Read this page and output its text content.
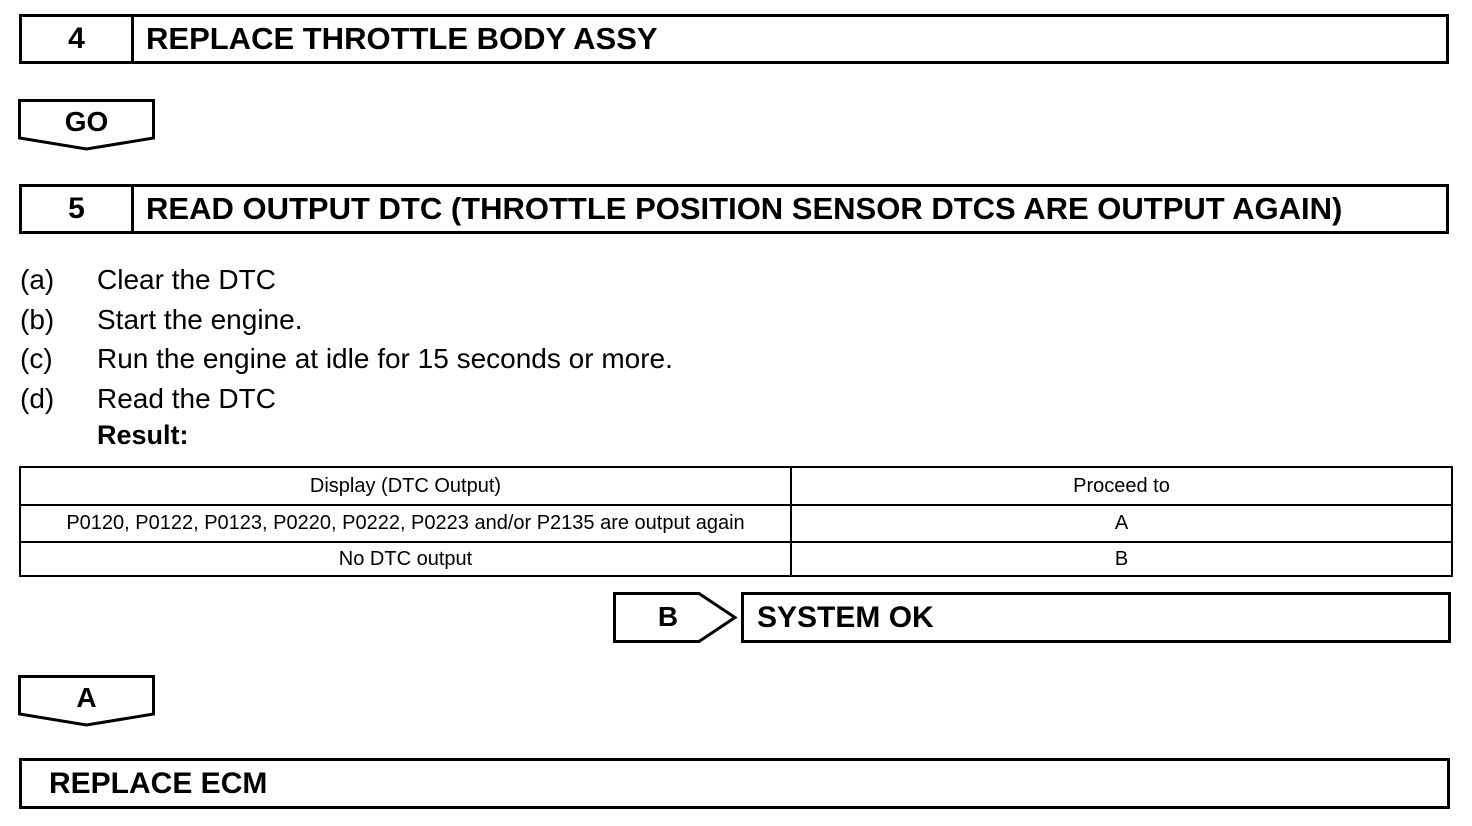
4	REPLACE THROTTLE BODY ASSY
GO
5	READ OUTPUT DTC (THROTTLE POSITION SENSOR DTCS ARE OUTPUT AGAIN)
(a) Clear the DTC
(b) Start the engine.
(c) Run the engine at idle for 15 seconds or more.
(d) Read the DTC
Result:
Display (DTC Output)	Proceed to
P0120, P0122, P0123, P0220, P0222, P0223 and/or P2135 are output again	A
No DTC output	B
B	SYSTEM OK
A
REPLACE ECM
